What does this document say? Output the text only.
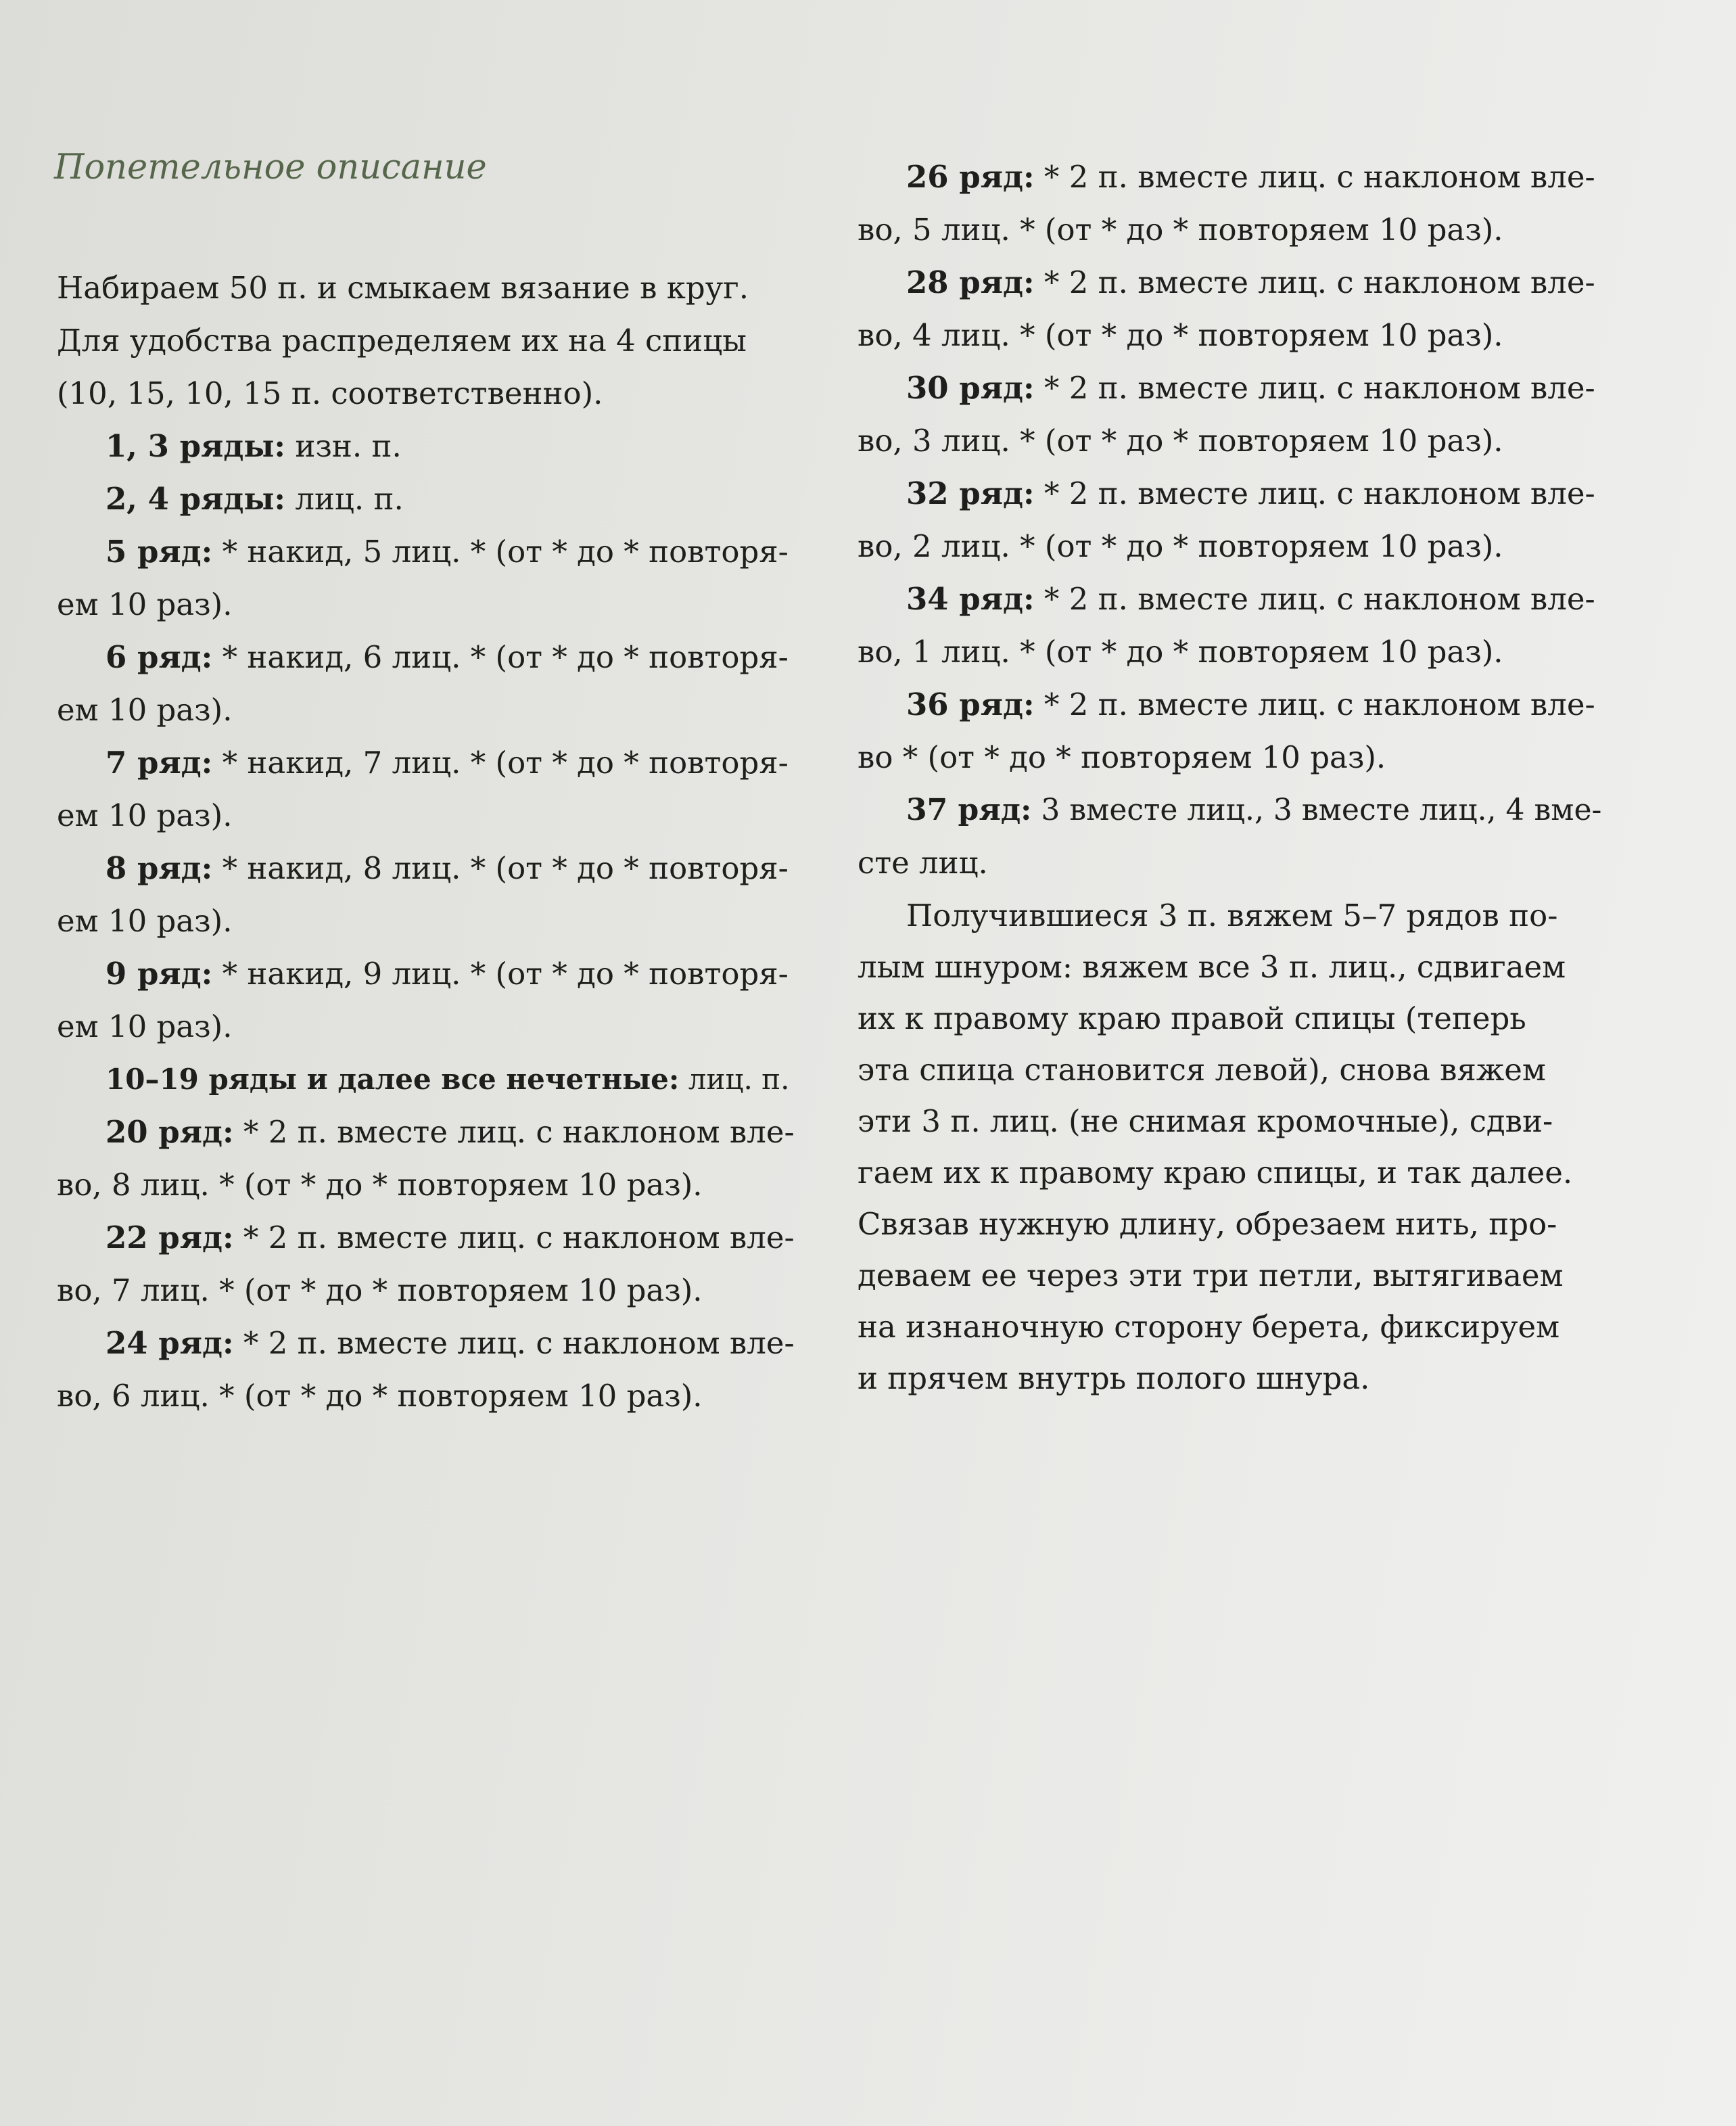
Попетельное описание
Набираем 50 п. и смыкаем вязание в круг.
Для удобства распределяем их на 4 спицы
(10, 15, 10, 15 п. соответственно).
1, 3 ряды: изн. п.
2, 4 ряды: лиц. п.
5 ряд: * накид, 5 лиц. * (от * до * повторя-
ем 10 раз).
6 ряд: * накид, 6 лиц. * (от * до * повторя-
ем 10 раз).
7 ряд: * накид, 7 лиц. * (от * до * повторя-
ем 10 раз).
8 ряд: * накид, 8 лиц. * (от * до * повторя-
ем 10 раз).
9 ряд: * накид, 9 лиц. * (от * до * повторя-
ем 10 раз).
10–19 ряды и далее все нечетные: лиц. п.
20 ряд: * 2 п. вместе лиц. с наклоном вле-
во, 8 лиц. * (от * до * повторяем 10 раз).
22 ряд: * 2 п. вместе лиц. с наклоном вле-
во, 7 лиц. * (от * до * повторяем 10 раз).
24 ряд: * 2 п. вместе лиц. с наклоном вле-
во, 6 лиц. * (от * до * повторяем 10 раз).
26 ряд: * 2 п. вместе лиц. с наклоном вле-
во, 5 лиц. * (от * до * повторяем 10 раз).
28 ряд: * 2 п. вместе лиц. с наклоном вле-
во, 4 лиц. * (от * до * повторяем 10 раз).
30 ряд: * 2 п. вместе лиц. с наклоном вле-
во, 3 лиц. * (от * до * повторяем 10 раз).
32 ряд: * 2 п. вместе лиц. с наклоном вле-
во, 2 лиц. * (от * до * повторяем 10 раз).
34 ряд: * 2 п. вместе лиц. с наклоном вле-
во, 1 лиц. * (от * до * повторяем 10 раз).
36 ряд: * 2 п. вместе лиц. с наклоном вле-
во * (от * до * повторяем 10 раз).
37 ряд: 3 вместе лиц., 3 вместе лиц., 4 вме-
сте лиц.
Получившиеся 3 п. вяжем 5–7 рядов по-
лым шнуром: вяжем все 3 п. лиц., сдвигаем
их к правому краю правой спицы (теперь
эта спица становится левой), снова вяжем
эти 3 п. лиц. (не снимая кромочные), сдви-
гаем их к правому краю спицы, и так далее.
Связав нужную длину, обрезаем нить, про-
деваем ее через эти три петли, вытягиваем
на изнаночную сторону берета, фиксируем
и прячем внутрь полого шнура.
